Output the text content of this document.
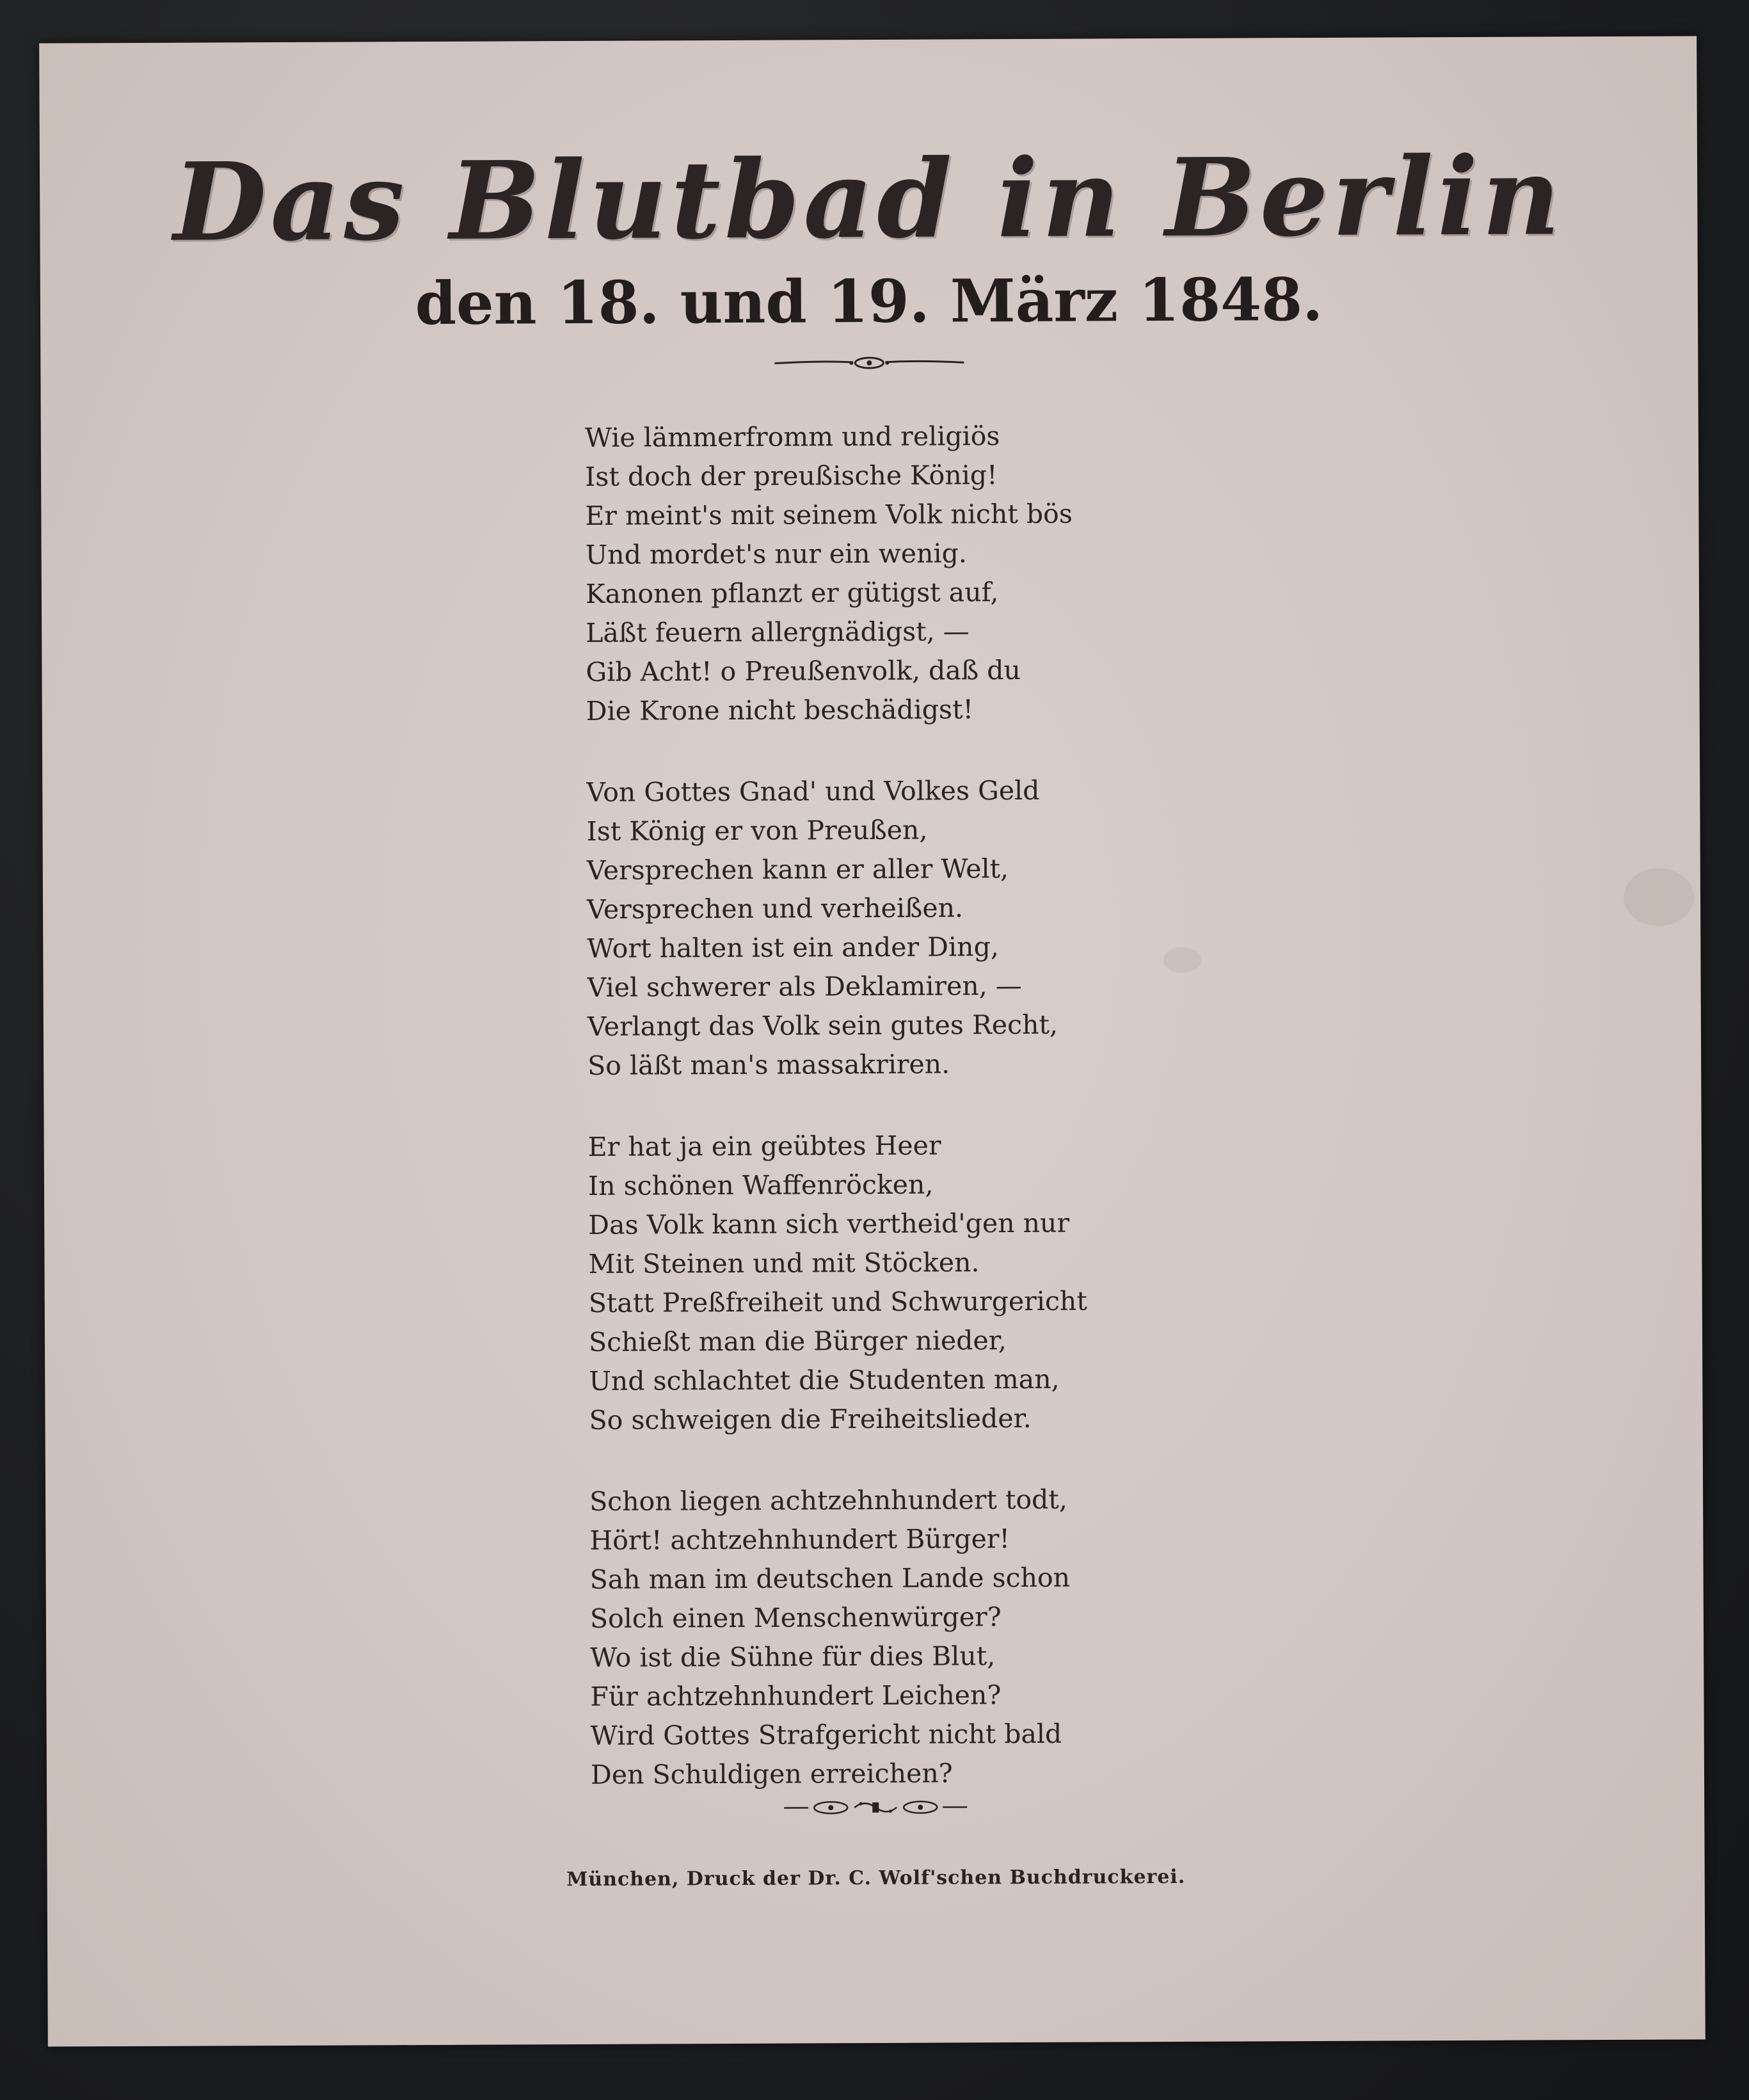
Das Blutbad in Berlin
den 18. und 19. März 1848.
Wie lämmerfromm und religiös
Ist doch der preußische König!
Er meint's mit seinem Volk nicht bös
Und mordet's nur ein wenig.
Kanonen pflanzt er gütigst auf,
Läßt feuern allergnädigst, —
Gib Acht! o Preußenvolk, daß du
Die Krone nicht beschädigst!
Von Gottes Gnad' und Volkes Geld
Ist König er von Preußen,
Versprechen kann er aller Welt,
Versprechen und verheißen.
Wort halten ist ein ander Ding,
Viel schwerer als Deklamiren, —
Verlangt das Volk sein gutes Recht,
So läßt man's massakriren.
Er hat ja ein geübtes Heer
In schönen Waffenröcken,
Das Volk kann sich vertheid'gen nur
Mit Steinen und mit Stöcken.
Statt Preßfreiheit und Schwurgericht
Schießt man die Bürger nieder,
Und schlachtet die Studenten man,
So schweigen die Freiheitslieder.
Schon liegen achtzehnhundert todt,
Hört! achtzehnhundert Bürger!
Sah man im deutschen Lande schon
Solch einen Menschenwürger?
Wo ist die Sühne für dies Blut,
Für achtzehnhundert Leichen?
Wird Gottes Strafgericht nicht bald
Den Schuldigen erreichen?
München, Druck der Dr. C. Wolf'schen Buchdruckerei.
